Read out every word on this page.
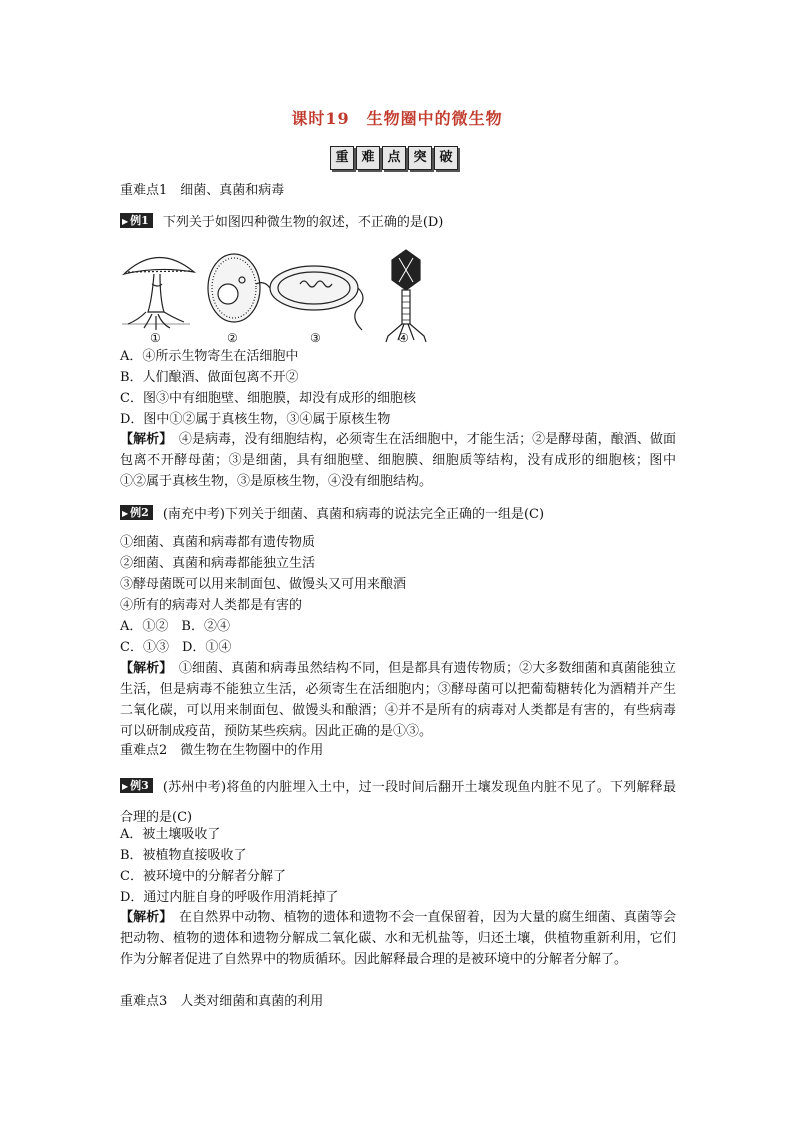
课时19　生物圈中的微生物
重 难 点 突 破
重难点1　细菌、真菌和病毒
▶ 例1 下列关于如图四种微生物的叙述，不正确的是(D)
①	②	③	④
A．④所示生物寄生在活细胞中
B．人们酿酒、做面包离不开②
C．图③中有细胞壁、细胞膜，却没有成形的细胞核
D．图中①②属于真核生物，③④属于原核生物
【解析】　④是病毒，没有细胞结构，必须寄生在活细胞中，才能生活；②是酵母菌，酿酒、做面包离不开酵母菌；③是细菌，具有细胞壁、细胞膜、细胞质等结构，没有成形的细胞核；图中①②属于真核生物，③是原核生物，④没有细胞结构。
▶ 例2 (南充中考)下列关于细菌、真菌和病毒的说法完全正确的一组是(C)
①细菌、真菌和病毒都有遗传物质
②细菌、真菌和病毒都能独立生活
③酵母菌既可以用来制面包、做馒头又可用来酿酒
④所有的病毒对人类都是有害的
A．①②　B．②④
C．①③　D．①④
【解析】　①细菌、真菌和病毒虽然结构不同，但是都具有遗传物质；②大多数细菌和真菌能独立生活，但是病毒不能独立生活，必须寄生在活细胞内；③酵母菌可以把葡萄糖转化为酒精并产生二氧化碳，可以用来制面包、做馒头和酿酒；④并不是所有的病毒对人类都是有害的，有些病毒可以研制成疫苗，预防某些疾病。因此正确的是①③。
重难点2　微生物在生物圈中的作用
▶ 例3 (苏州中考)将鱼的内脏埋入土中，过一段时间后翻开土壤发现鱼内脏不见了。下列解释最合理的是(C)
A．被土壤吸收了
B．被植物直接吸收了
C．被环境中的分解者分解了
D．通过内脏自身的呼吸作用消耗掉了
【解析】　在自然界中动物、植物的遗体和遗物不会一直保留着，因为大量的腐生细菌、真菌等会把动物、植物的遗体和遗物分解成二氧化碳、水和无机盐等，归还土壤，供植物重新利用，它们作为分解者促进了自然界中的物质循环。因此解释最合理的是被环境中的分解者分解了。
重难点3　人类对细菌和真菌的利用
